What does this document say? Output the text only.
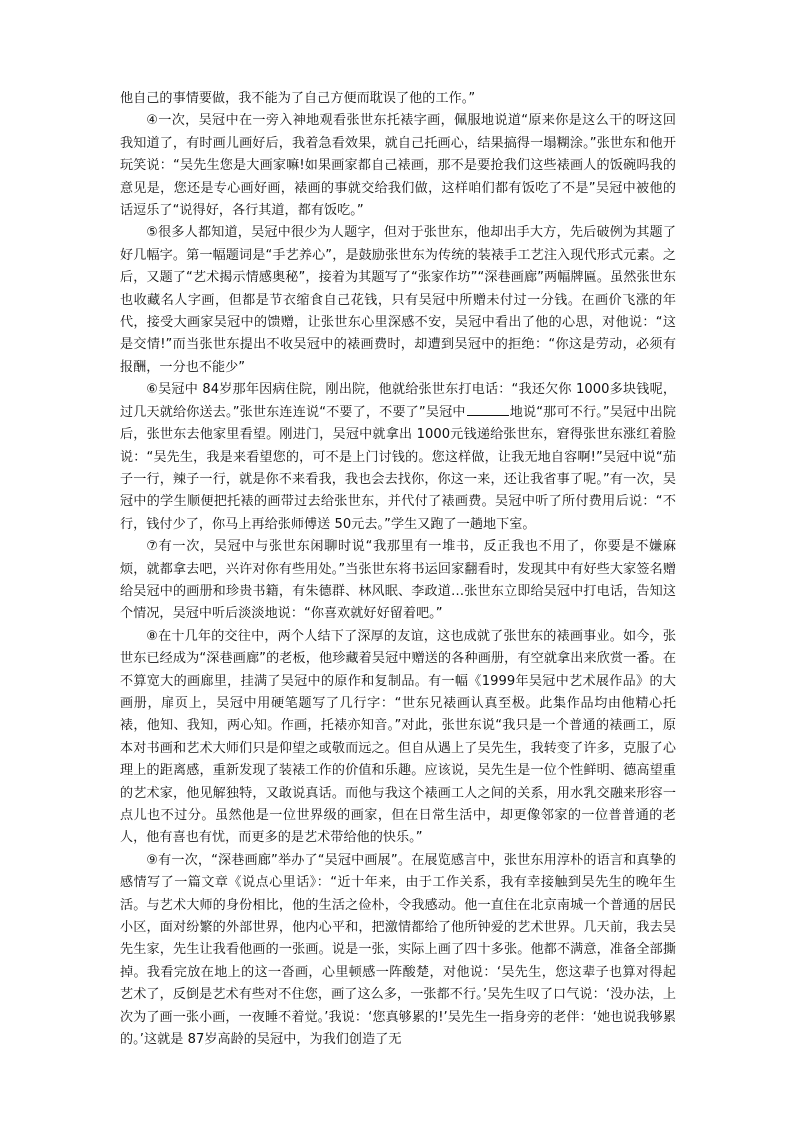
他自己的事情要做，我不能为了自己方便而耽误了他的工作。”

④一次，吴冠中在一旁入神地观看张世东托裱字画，佩服地说道“原来你是这么干的呀这回我知道了，有时画儿画好后，我着急看效果，就自己托画心，结果搞得一塌糊涂。”张世东和他开玩笑说：“吴先生您是大画家嘛!如果画家都自己裱画，那不是要抢我们这些裱画人的饭碗吗我的意见是，您还是专心画好画，裱画的事就交给我们做，这样咱们都有饭吃了不是”吴冠中被他的话逗乐了“说得好，各行其道，都有饭吃。”

⑤很多人都知道，吴冠中很少为人题字，但对于张世东，他却出手大方，先后破例为其题了好几幅字。第一幅题词是“手艺养心”，是鼓励张世东为传统的装裱手工艺注入现代形式元素。之后，又题了“艺术揭示情感奥秘”，接着为其题写了“张家作坊”“深巷画廊”两幅牌匾。虽然张世东也收藏名人字画，但都是节衣缩食自己花钱，只有吴冠中所赠未付过一分钱。在画价飞涨的年代，接受大画家吴冠中的馈赠，让张世东心里深感不安，吴冠中看出了他的心思，对他说：“这是交情!”而当张世东提出不收吴冠中的裱画费时，却遭到吴冠中的拒绝：“你这是劳动，必须有报酬，一分也不能少”

⑥吴冠中 84岁那年因病住院，刚出院，他就给张世东打电话：“我还欠你 1000多块钱呢，过几天就给你送去。”张世东连连说“不要了，不要了”吴冠中	地说“那可不行。”吴冠中出院后，张世东去他家里看望。刚进门，吴冠中就拿出 1000元钱递给张世东，窘得张世东涨红着脸说：“吴先生，我是来看望您的，可不是上门讨钱的。您这样做，让我无地自容啊!”吴冠中说“茄子一行，辣子一行，就是你不来看我，我也会去找你，你这一来，还让我省事了呢。”有一次，吴冠中的学生顺便把托裱的画带过去给张世东，并代付了裱画费。吴冠中听了所付费用后说：“不行，钱付少了，你马上再给张师傅送 50元去。”学生又跑了一趟地下室。

⑦有一次，吴冠中与张世东闲聊时说“我那里有一堆书，反正我也不用了，你要是不嫌麻烦，就都拿去吧，兴许对你有些用处。”当张世东将书运回家翻看时，发现其中有好些大家签名赠给吴冠中的画册和珍贵书籍，有朱德群、林风眠、李政道…张世东立即给吴冠中打电话，告知这个情况，吴冠中听后淡淡地说：“你喜欢就好好留着吧。”

⑧在十几年的交往中，两个人结下了深厚的友谊，这也成就了张世东的裱画事业。如今，张世东已经成为“深巷画廊”的老板，他珍藏着吴冠中赠送的各种画册，有空就拿出来欣赏一番。在不算宽大的画廊里，挂满了吴冠中的原作和复制品。有一幅《1999年吴冠中艺术展作品》的大画册，扉页上，吴冠中用硬笔题写了几行字：“世东兄裱画认真至极。此集作品均由他精心托裱，他知、我知，两心知。作画，托裱亦知音。”对此，张世东说“我只是一个普通的裱画工，原本对书画和艺术大师们只是仰望之或敬而远之。但自从遇上了吴先生，我转变了许多，克服了心理上的距离感，重新发现了装裱工作的价值和乐趣。应该说，吴先生是一位个性鲜明、德高望重的艺术家，他见解独特，又敢说真话。而他与我这个裱画工人之间的关系，用水乳交融来形容一点儿也不过分。虽然他是一位世界级的画家，但在日常生活中，却更像邻家的一位普普通的老人，他有喜也有忧，而更多的是艺术带给他的快乐。”

⑨有一次，“深巷画廊”举办了“吴冠中画展”。在展览感言中，张世东用淳朴的语言和真挚的感情写了一篇文章《说点心里话》：“近十年来，由于工作关系，我有幸接触到吴先生的晚年生活。与艺术大师的身份相比，他的生活之俭朴，令我感动。他一直住在北京南城一个普通的居民小区，面对纷繁的外部世界，他内心平和，把激情都给了他所钟爱的艺术世界。几天前，我去吴先生家，先生让我看他画的一张画。说是一张，实际上画了四十多张。他都不满意，准备全部撕掉。我看完放在地上的这一沓画，心里顿感一阵酸楚，对他说：‘吴先生，您这辈子也算对得起艺术了，反倒是艺术有些对不住您，画了这么多，一张都不行。’吴先生叹了口气说：‘没办法，上次为了画一张小画，一夜睡不着觉。’我说：‘您真够累的!’吴先生一指身旁的老伴：‘她也说我够累的。’这就是 87岁高龄的吴冠中，为我们创造了无
